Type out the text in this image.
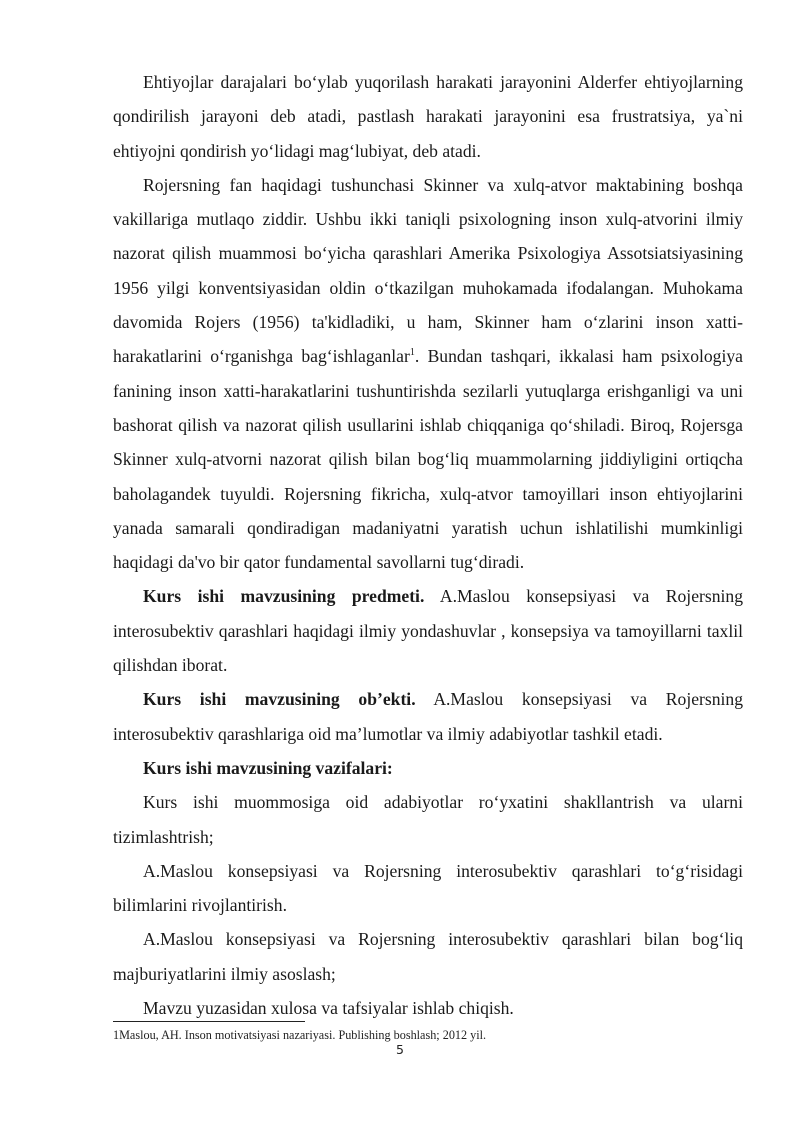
Ehtiyojlar darajalari bo‘ylab yuqorilash harakati jarayonini Alderfer ehtiyojlarning qondirilish jarayoni deb atadi, pastlash harakati jarayonini esa frustratsiya, ya`ni ehtiyojni qondirish yo‘lidagi mag‘lubiyat, deb atadi.

Rojersning fan haqidagi tushunchasi Skinner va xulq-atvor maktabining boshqa vakillariga mutlaqo ziddir. Ushbu ikki taniqli psixologning inson xulq-atvorini ilmiy nazorat qilish muammosi bo‘yicha qarashlari Amerika Psixologiya Assotsiatsiyasining 1956 yilgi konventsiyasidan oldin o‘tkazilgan muhokamada ifodalangan. Muhokama davomida Rojers (1956) ta'kidladiki, u ham, Skinner ham o‘zlarini inson xatti-harakatlarini o‘rganishga bag‘ishlaganlar$^1$. Bundan tashqari, ikkalasi ham psixologiya fanining inson xatti-harakatlarini tushuntirishda sezilarli yutuqlarga erishganligi va uni bashorat qilish va nazorat qilish usullarini ishlab chiqqaniga qo‘shiladi. Biroq, Rojersga Skinner xulq-atvorni nazorat qilish bilan bog‘liq muammolarning jiddiyligini ortiqcha baholagandek tuyuldi. Rojersning fikricha, xulq-atvor tamoyillari inson ehtiyojlarini yanada samarali qondiradigan madaniyatni yaratish uchun ishlatilishi mumkinligi haqidagi da'vo bir qator fundamental savollarni tug‘diradi.

Kurs ishi mavzusining predmeti. A.Maslou konsepsiyasi va Rojersning interosubektiv qarashlari haqidagi ilmiy yondashuvlar , konsepsiya va tamoyillarni taxlil qilishdan iborat.

Kurs ishi mavzusining ob’ekti. A.Maslou konsepsiyasi va Rojersning interosubektiv qarashlariga oid ma’lumotlar va ilmiy adabiyotlar tashkil etadi.

Kurs ishi mavzusining vazifalari:

Kurs ishi muommosiga oid adabiyotlar ro‘yxatini shakllantrish va ularni tizimlashtrish;

A.Maslou konsepsiyasi va Rojersning interosubektiv qarashlari to‘g‘risidagi bilimlarini rivojlantirish.

A.Maslou konsepsiyasi va Rojersning interosubektiv qarashlari bilan bog‘liq majburiyatlarini ilmiy asoslash;

Mavzu yuzasidan xulosa va tafsiyalar ishlab chiqish.

1Maslou, AH. Inson motivatsiyasi nazariyasi. Publishing boshlash; 2012 yil.
5
